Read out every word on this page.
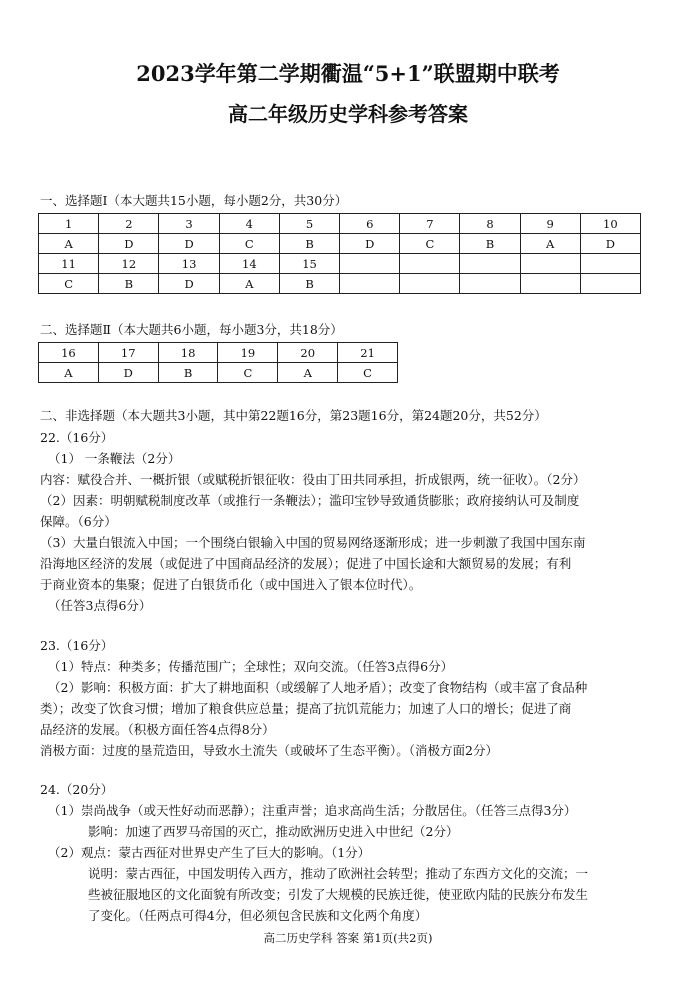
2023学年第二学期衢温“5+1”联盟期中联考
高二年级历史学科参考答案
一、选择题Ⅰ（本大题共15小题，每小题2分，共30分）
1	2	3	4	5	6	7	8	9	10
A	D	D	C	B	D	C	B	A	D
11	12	13	14	15					
C	B	D	A	B					
二、选择题Ⅱ（本大题共6小题，每小题3分，共18分）
16	17	18	19	20	21
A	D	B	C	A	C
二、非选择题（本大题共3小题，其中第22题16分，第23题16分，第24题20分，共52分）
22.（16分）
（1） 一条鞭法（2分）
内容：赋役合并、一概折银（或赋税折银征收：役由丁田共同承担，折成银两，统一征收）。（2分）
（2）因素：明朝赋税制度改革（或推行一条鞭法）；滥印宝钞导致通货膨胀；政府接纳认可及制度
保障。（6分）
（3）大量白银流入中国；一个围绕白银输入中国的贸易网络逐渐形成；进一步刺激了我国中国东南
沿海地区经济的发展（或促进了中国商品经济的发展）；促进了中国长途和大额贸易的发展；有利
于商业资本的集聚；促进了白银货币化（或中国进入了银本位时代）。
（任答3点得6分）
23.（16分）
（1）特点：种类多；传播范围广；全球性；双向交流。（任答3点得6分）
（2）影响：积极方面：扩大了耕地面积（或缓解了人地矛盾）；改变了食物结构（或丰富了食品种
类）；改变了饮食习惯；增加了粮食供应总量；提高了抗饥荒能力；加速了人口的增长；促进了商
品经济的发展。（积极方面任答4点得8分）
消极方面：过度的垦荒造田，导致水土流失（或破坏了生态平衡）。（消极方面2分）
24.（20分）
（1）崇尚战争（或天性好动而恶静）；注重声誉；追求高尚生活；分散居住。（任答三点得3分）
影响：加速了西罗马帝国的灭亡，推动欧洲历史进入中世纪（2分）
（2）观点：蒙古西征对世界史产生了巨大的影响。（1分）
说明：蒙古西征，中国发明传入西方，推动了欧洲社会转型；推动了东西方文化的交流；一
些被征服地区的文化面貌有所改变；引发了大规模的民族迁徙，使亚欧内陆的民族分布发生
了变化。（任两点可得4分，但必须包含民族和文化两个角度）
高二历史学科 答案 第1页(共2页)
